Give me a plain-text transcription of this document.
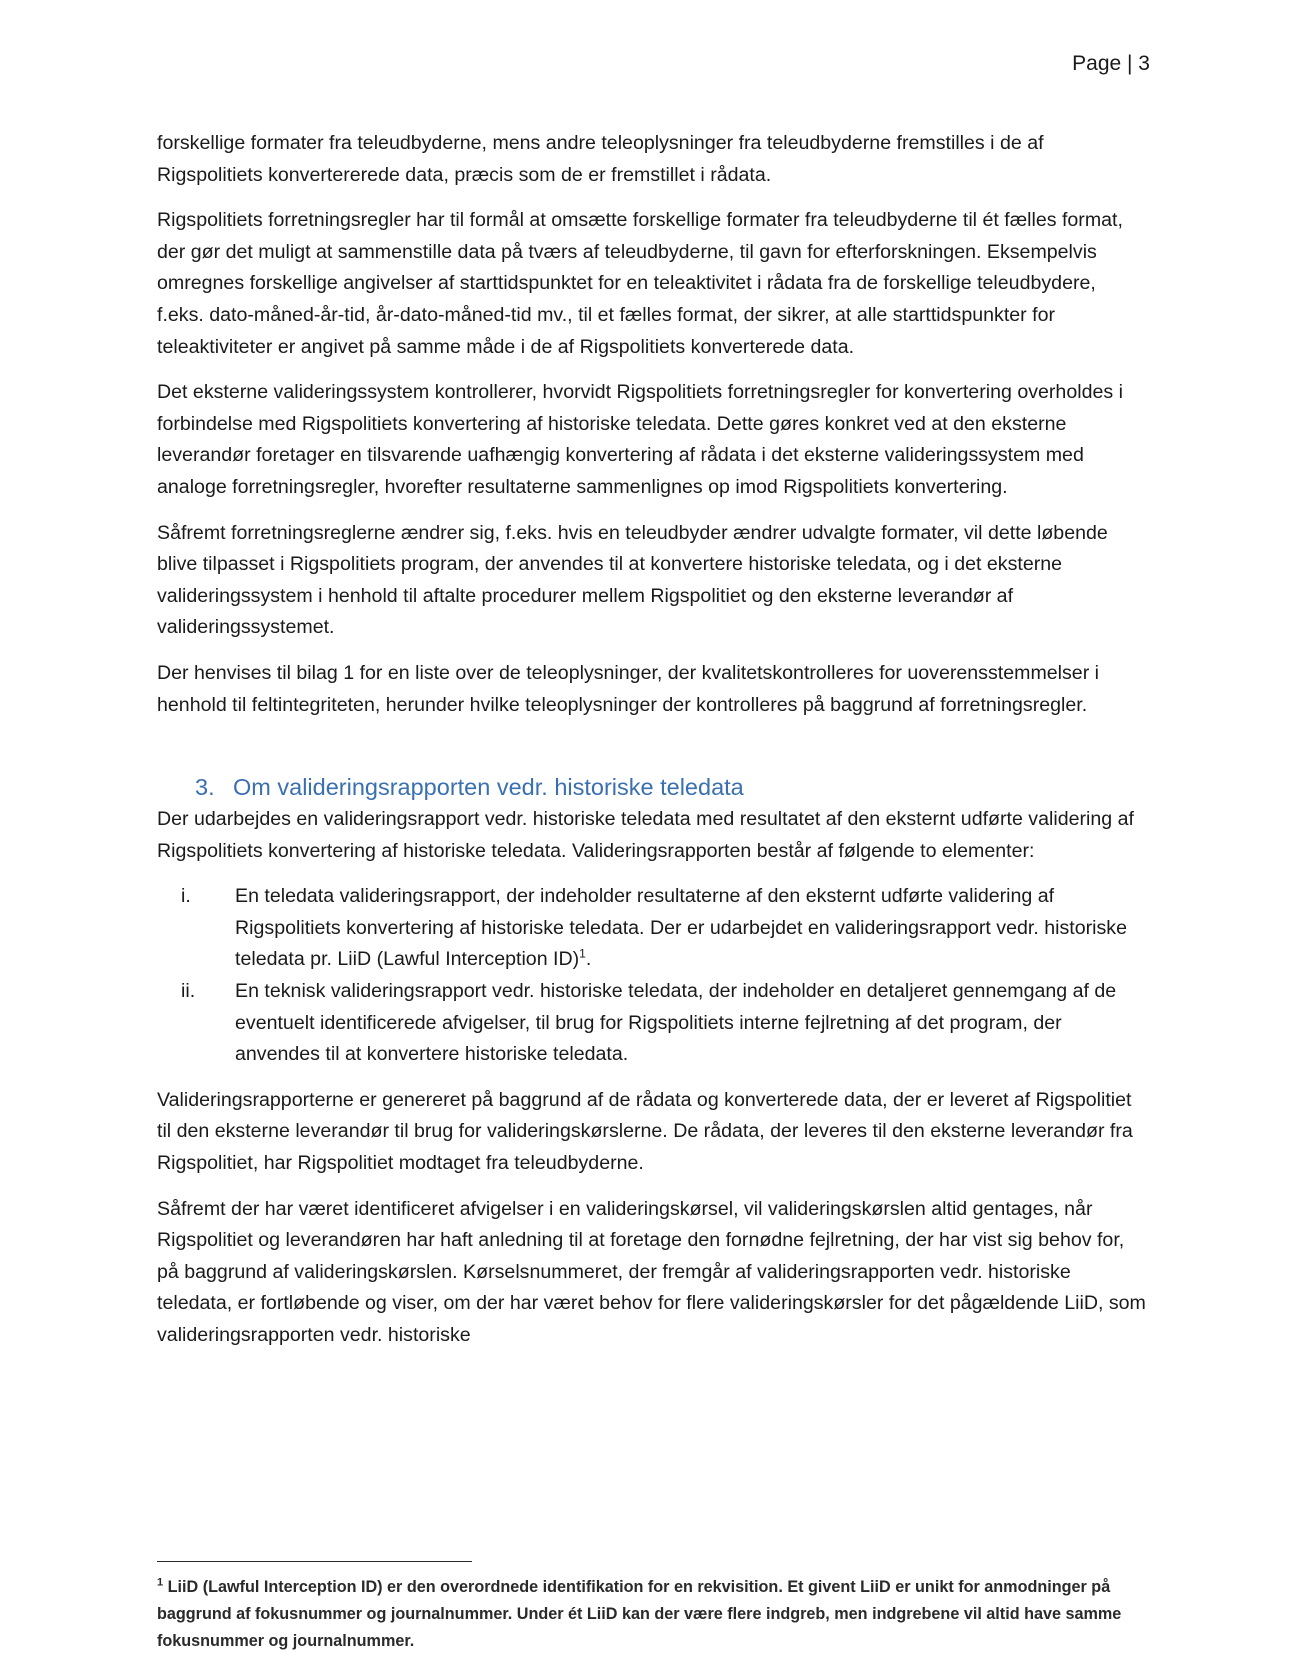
Page | 3

forskellige formater fra teleudbyderne, mens andre teleoplysninger fra teleudbyderne fremstilles i de af Rigspolitiets konvertererede data, præcis som de er fremstillet i rådata.

Rigspolitiets forretningsregler har til formål at omsætte forskellige formater fra teleudbyderne til ét fælles format, der gør det muligt at sammenstille data på tværs af teleudbyderne, til gavn for efterforskningen. Eksempelvis omregnes forskellige angivelser af starttidspunktet for en teleaktivitet i rådata fra de forskellige teleudbydere, f.eks. dato-måned-år-tid, år-dato-måned-tid mv., til et fælles format, der sikrer, at alle starttidspunkter for teleaktiviteter er angivet på samme måde i de af Rigspolitiets konverterede data.

Det eksterne valideringssystem kontrollerer, hvorvidt Rigspolitiets forretningsregler for konvertering overholdes i forbindelse med Rigspolitiets konvertering af historiske teledata. Dette gøres konkret ved at den eksterne leverandør foretager en tilsvarende uafhængig konvertering af rådata i det eksterne valideringssystem med analoge forretningsregler, hvorefter resultaterne sammenlignes op imod Rigspolitiets konvertering.

Såfremt forretningsreglerne ændrer sig, f.eks. hvis en teleudbyder ændrer udvalgte formater, vil dette løbende blive tilpasset i Rigspolitiets program, der anvendes til at konvertere historiske teledata, og i det eksterne valideringssystem i henhold til aftalte procedurer mellem Rigspolitiet og den eksterne leverandør af valideringssystemet.

Der henvises til bilag 1 for en liste over de teleoplysninger, der kvalitetskontrolleres for uoverensstemmelser i henhold til feltintegriteten, herunder hvilke teleoplysninger der kontrolleres på baggrund af forretningsregler.

3. Om valideringsrapporten vedr. historiske teledata

Der udarbejdes en valideringsrapport vedr. historiske teledata med resultatet af den eksternt udførte validering af Rigspolitiets konvertering af historiske teledata. Valideringsrapporten består af følgende to elementer:

i. En teledata valideringsrapport, der indeholder resultaterne af den eksternt udførte validering af Rigspolitiets konvertering af historiske teledata. Der er udarbejdet en valideringsrapport vedr. historiske teledata pr. LiiD (Lawful Interception ID)$^1$.
ii. En teknisk valideringsrapport vedr. historiske teledata, der indeholder en detaljeret gennemgang af de eventuelt identificerede afvigelser, til brug for Rigspolitiets interne fejlretning af det program, der anvendes til at konvertere historiske teledata.

Valideringsrapporterne er genereret på baggrund af de rådata og konverterede data, der er leveret af Rigspolitiet til den eksterne leverandør til brug for valideringskørslerne. De rådata, der leveres til den eksterne leverandør fra Rigspolitiet, har Rigspolitiet modtaget fra teleudbyderne.

Såfremt der har været identificeret afvigelser i en valideringskørsel, vil valideringskørslen altid gentages, når Rigspolitiet og leverandøren har haft anledning til at foretage den fornødne fejlretning, der har vist sig behov for, på baggrund af valideringskørslen. Kørselsnummeret, der fremgår af valideringsrapporten vedr. historiske teledata, er fortløbende og viser, om der har været behov for flere valideringskørsler for det pågældende LiiD, som valideringsrapporten vedr. historiske

$^1$ LiiD (Lawful Interception ID) er den overordnede identifikation for en rekvisition. Et givent LiiD er unikt for anmodninger på baggrund af fokusnummer og journalnummer. Under ét LiiD kan der være flere indgreb, men indgrebene vil altid have samme fokusnummer og journalnummer.
